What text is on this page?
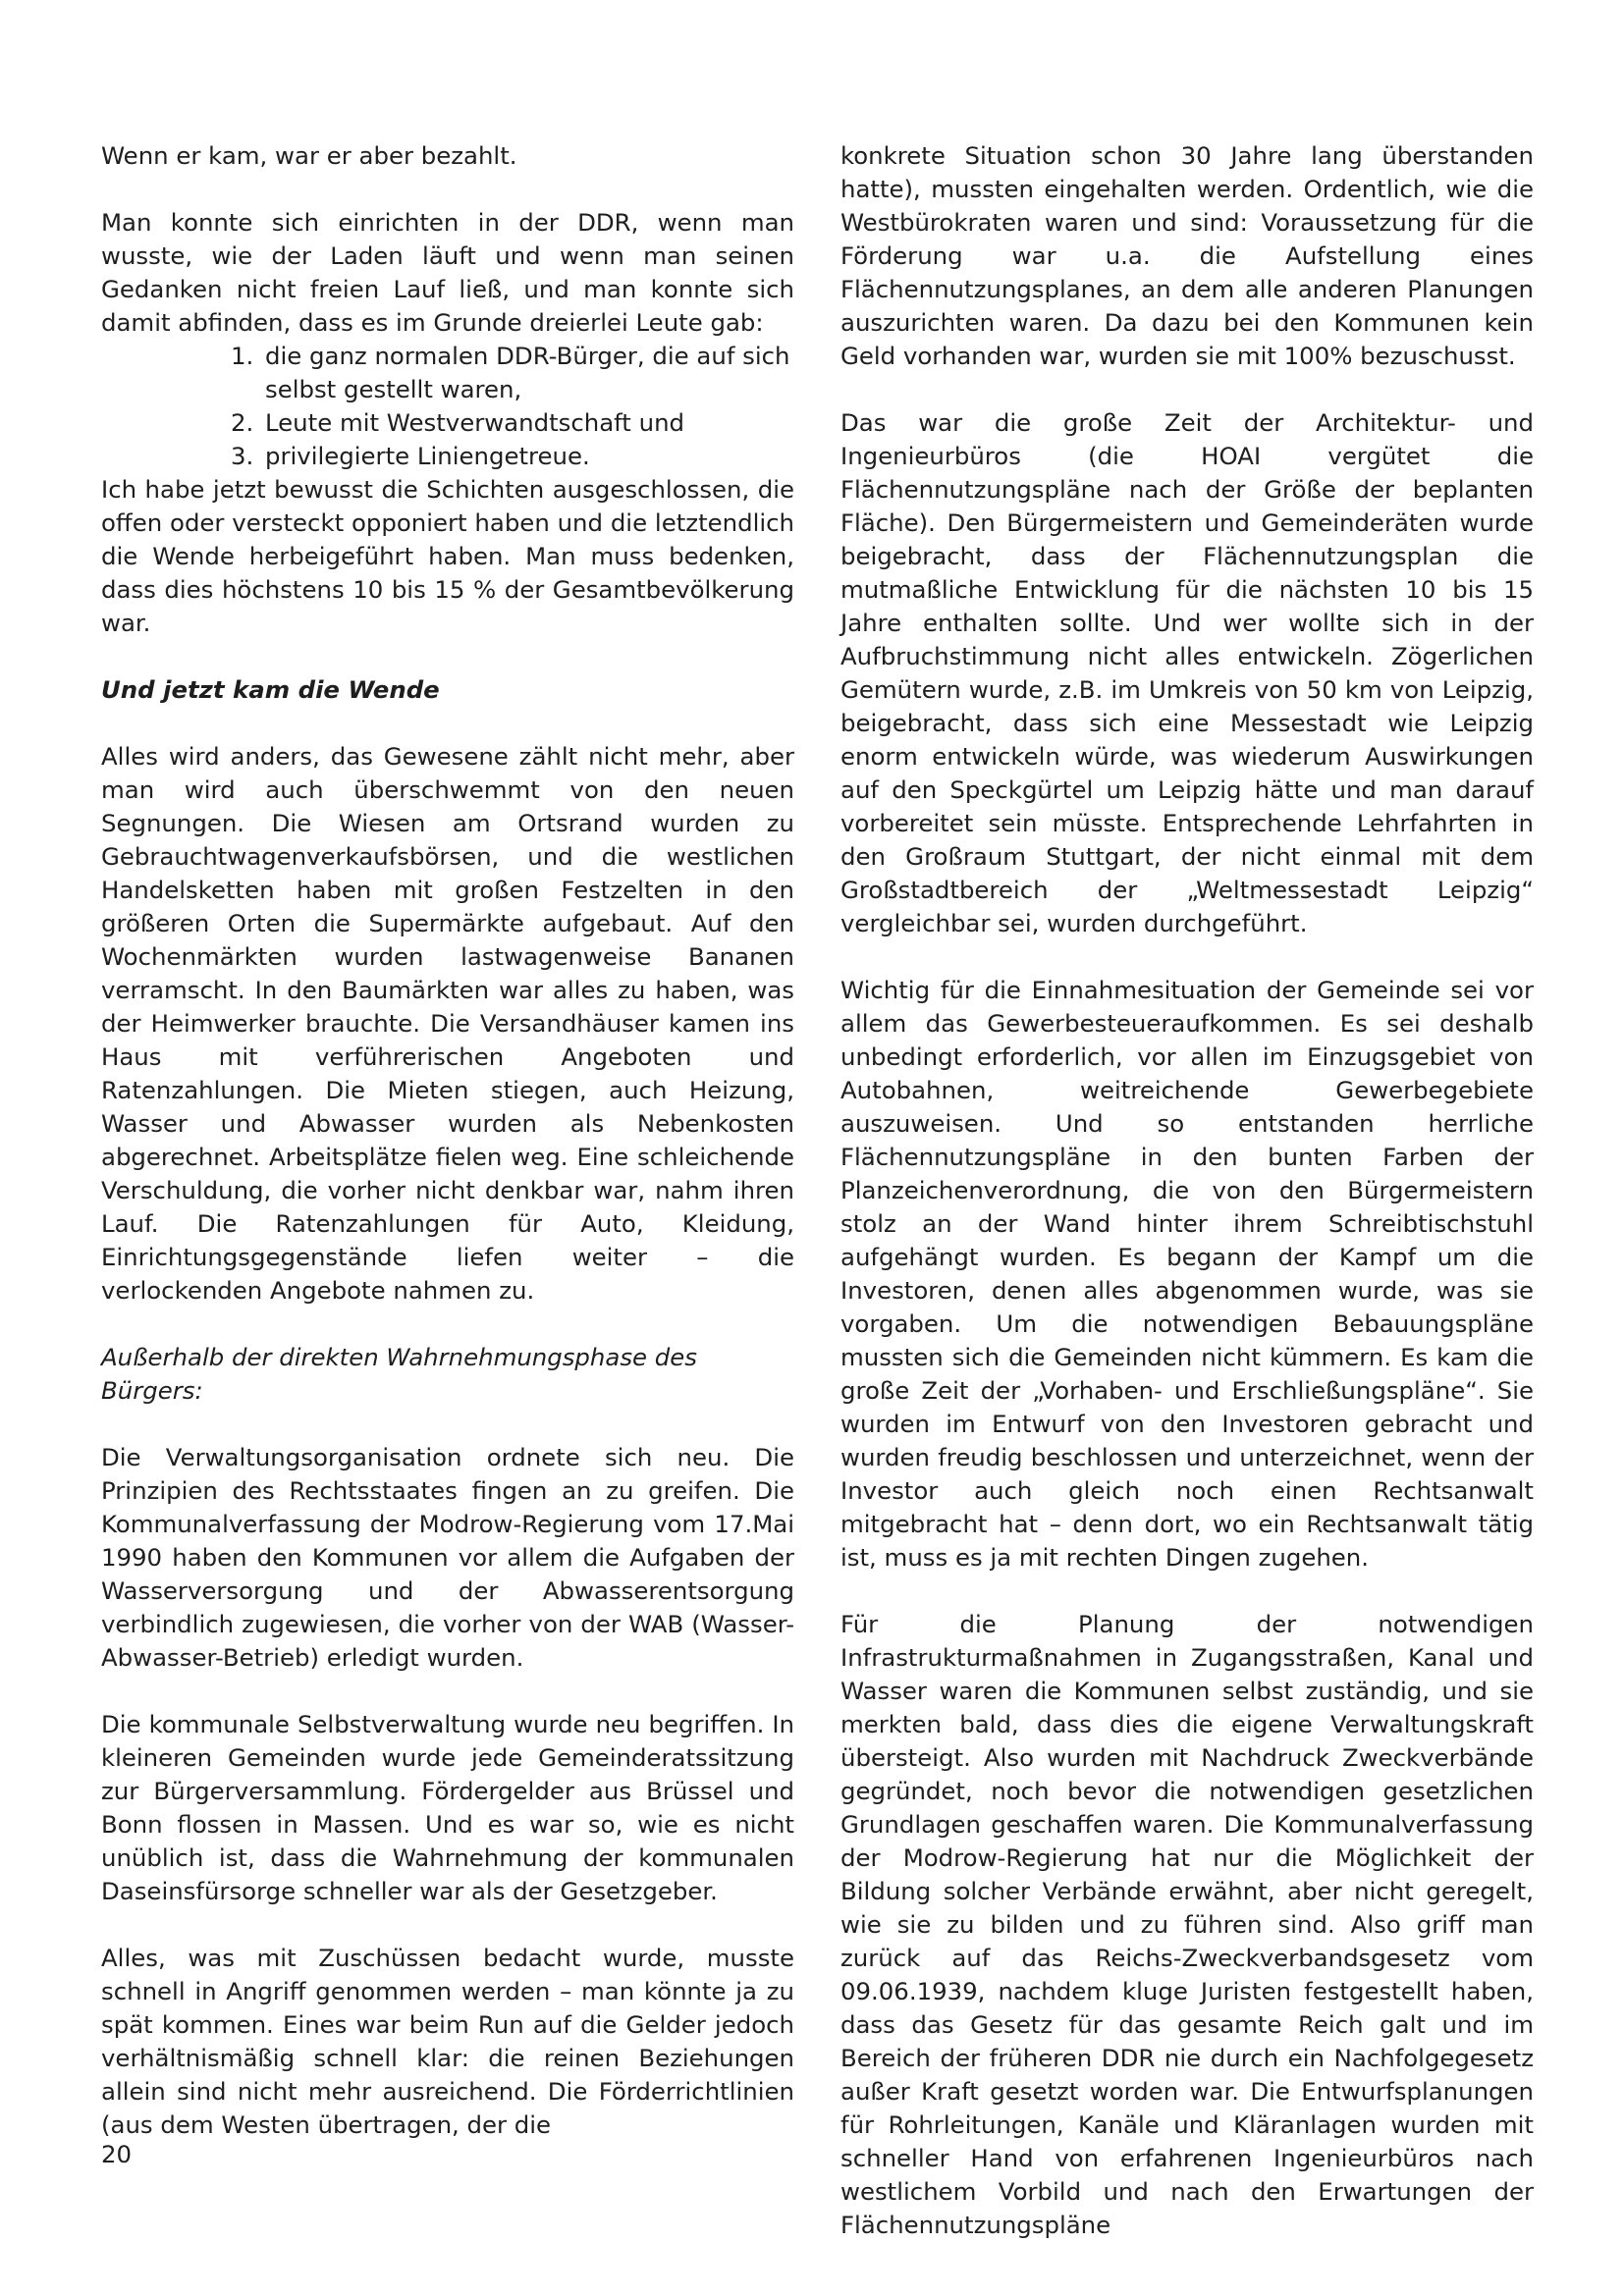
Wenn er kam, war er aber bezahlt.

Man konnte sich einrichten in der DDR, wenn man wusste, wie der Laden läuft und wenn man seinen Gedanken nicht freien Lauf ließ, und man konnte sich damit abfinden, dass es im Grunde dreierlei Leute gab:

1. die ganz normalen DDR-Bürger, die auf sich selbst gestellt waren,
2. Leute mit Westverwandtschaft und
3. privilegierte Liniengetreue.

Ich habe jetzt bewusst die Schichten ausgeschlossen, die offen oder versteckt opponiert haben und die letztendlich die Wende herbeigeführt haben. Man muss bedenken, dass dies höchstens 10 bis 15 % der Gesamtbevölkerung war.

Und jetzt kam die Wende

Alles wird anders, das Gewesene zählt nicht mehr, aber man wird auch überschwemmt von den neuen Segnungen. Die Wiesen am Ortsrand wurden zu Gebrauchtwagenverkaufsbörsen, und die westlichen Handelsketten haben mit großen Festzelten in den größeren Orten die Supermärkte aufgebaut. Auf den Wochenmärkten wurden lastwagenweise Bananen verramscht. In den Baumärkten war alles zu haben, was der Heimwerker brauchte. Die Versandhäuser kamen ins Haus mit verführerischen Angeboten und Ratenzahlungen. Die Mieten stiegen, auch Heizung, Wasser und Abwasser wurden als Nebenkosten abgerechnet. Arbeitsplätze fielen weg. Eine schleichende Verschuldung, die vorher nicht denkbar war, nahm ihren Lauf. Die Ratenzahlungen für Auto, Kleidung, Einrichtungsgegenstände liefen weiter – die verlockenden Angebote nahmen zu.

Außerhalb der direkten Wahrnehmungsphase des Bürgers:

Die Verwaltungsorganisation ordnete sich neu. Die Prinzipien des Rechtsstaates fingen an zu greifen. Die Kommunalverfassung der Modrow-Regierung vom 17.Mai 1990 haben den Kommunen vor allem die Aufgaben der Wasserversorgung und der Abwasserentsorgung verbindlich zugewiesen, die vorher von der WAB (Wasser-Abwasser-Betrieb) erledigt wurden.

Die kommunale Selbstverwaltung wurde neu begriffen. In kleineren Gemeinden wurde jede Gemeinderatssitzung zur Bürgerversammlung. Fördergelder aus Brüssel und Bonn flossen in Massen. Und es war so, wie es nicht unüblich ist, dass die Wahrnehmung der kommunalen Daseinsfürsorge schneller war als der Gesetzgeber.

Alles, was mit Zuschüssen bedacht wurde, musste schnell in Angriff genommen werden – man könnte ja zu spät kommen. Eines war beim Run auf die Gelder jedoch verhältnismäßig schnell klar: die reinen Beziehungen allein sind nicht mehr ausreichend. Die Förderrichtlinien (aus dem Westen übertragen, der die

konkrete Situation schon 30 Jahre lang überstanden hatte), mussten eingehalten werden. Ordentlich, wie die Westbürokraten waren und sind: Voraussetzung für die Förderung war u.a. die Aufstellung eines Flächennutzungsplanes, an dem alle anderen Planungen auszurichten waren. Da dazu bei den Kommunen kein Geld vorhanden war, wurden sie mit 100% bezuschusst.

Das war die große Zeit der Architektur- und Ingenieurbüros (die HOAI vergütet die Flächennutzungspläne nach der Größe der beplanten Fläche). Den Bürgermeistern und Gemeinderäten wurde beigebracht, dass der Flächennutzungsplan die mutmaßliche Entwicklung für die nächsten 10 bis 15 Jahre enthalten sollte. Und wer wollte sich in der Aufbruchstimmung nicht alles entwickeln. Zögerlichen Gemütern wurde, z.B. im Umkreis von 50 km von Leipzig, beigebracht, dass sich eine Messestadt wie Leipzig enorm entwickeln würde, was wiederum Auswirkungen auf den Speckgürtel um Leipzig hätte und man darauf vorbereitet sein müsste. Entsprechende Lehrfahrten in den Großraum Stuttgart, der nicht einmal mit dem Großstadtbereich der „Weltmessestadt Leipzig“ vergleichbar sei, wurden durchgeführt.

Wichtig für die Einnahmesituation der Gemeinde sei vor allem das Gewerbesteueraufkommen. Es sei deshalb unbedingt erforderlich, vor allen im Einzugsgebiet von Autobahnen, weitreichende Gewerbegebiete auszuweisen. Und so entstanden herrliche Flächennutzungspläne in den bunten Farben der Planzeichenverordnung, die von den Bürgermeistern stolz an der Wand hinter ihrem Schreibtischstuhl aufgehängt wurden. Es begann der Kampf um die Investoren, denen alles abgenommen wurde, was sie vorgaben. Um die notwendigen Bebauungspläne mussten sich die Gemeinden nicht kümmern. Es kam die große Zeit der „Vorhaben- und Erschließungspläne“. Sie wurden im Entwurf von den Investoren gebracht und wurden freudig beschlossen und unterzeichnet, wenn der Investor auch gleich noch einen Rechtsanwalt mitgebracht hat – denn dort, wo ein Rechtsanwalt tätig ist, muss es ja mit rechten Dingen zugehen.

Für die Planung der notwendigen Infrastrukturmaßnahmen in Zugangsstraßen, Kanal und Wasser waren die Kommunen selbst zuständig, und sie merkten bald, dass dies die eigene Verwaltungskraft übersteigt. Also wurden mit Nachdruck Zweckverbände gegründet, noch bevor die notwendigen gesetzlichen Grundlagen geschaffen waren. Die Kommunalverfassung der Modrow-Regierung hat nur die Möglichkeit der Bildung solcher Verbände erwähnt, aber nicht geregelt, wie sie zu bilden und zu führen sind. Also griff man zurück auf das Reichs-Zweckverbandsgesetz vom 09.06.1939, nachdem kluge Juristen festgestellt haben, dass das Gesetz für das gesamte Reich galt und im Bereich der früheren DDR nie durch ein Nachfolgegesetz außer Kraft gesetzt worden war. Die Entwurfsplanungen für Rohrleitungen, Kanäle und Kläranlagen wurden mit schneller Hand von erfahrenen Ingenieurbüros nach westlichem Vorbild und nach den Erwartungen der Flächennutzungspläne

20
